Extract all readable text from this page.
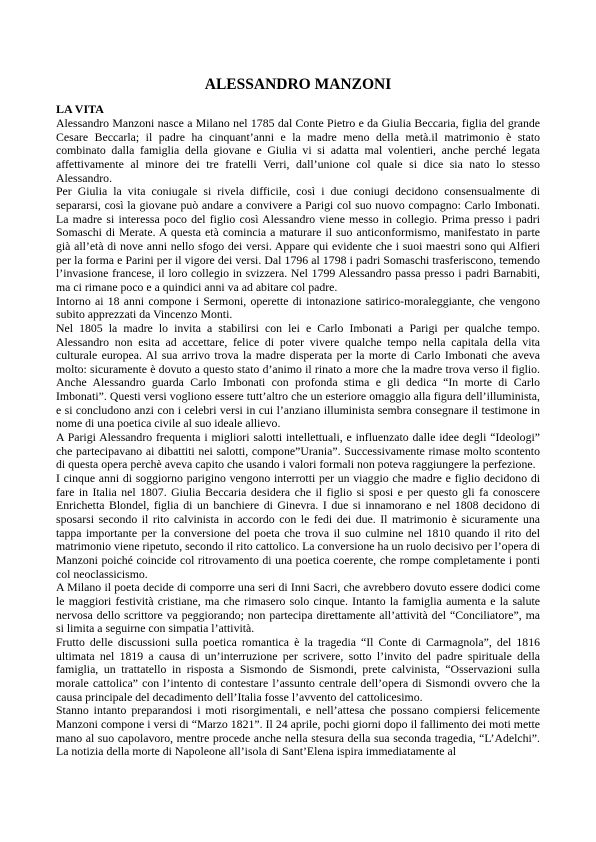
ALESSANDRO MANZONI
LA VITA

Alessandro Manzoni nasce a Milano nel 1785 dal Conte Pietro e da Giulia Beccaria, figlia del grande Cesare Beccarla; il padre ha cinquant’anni e la madre meno della metà.il matrimonio è stato combinato dalla famiglia della giovane e Giulia vi si adatta mal volentieri, anche perché legata affettivamente al minore dei tre fratelli Verri, dall’unione col quale si dice sia nato lo stesso Alessandro.

Per Giulia la vita coniugale si rivela difficile, così i due coniugi decidono consensualmente di separarsi, così la giovane può andare a convivere a Parigi col suo nuovo compagno: Carlo Imbonati. La madre si interessa poco del figlio così Alessandro viene messo in collegio. Prima presso i padri Somaschi di Merate. A questa età comincia a maturare il suo anticonformismo, manifestato in parte già all’età di nove anni nello sfogo dei versi. Appare qui evidente che i suoi maestri sono qui Alfieri per la forma e Parini per il vigore dei versi. Dal 1796 al 1798 i padri Somaschi trasferiscono, temendo l’invasione francese, il loro collegio in svizzera. Nel 1799 Alessandro passa presso i padri Barnabiti, ma ci rimane poco e a quindici anni va ad abitare col padre.

Intorno ai 18 anni compone i Sermoni, operette di intonazione satirico-moraleggiante, che vengono subito apprezzati da Vincenzo Monti.

Nel 1805 la madre lo invita a stabilirsi con lei e Carlo Imbonati a Parigi per qualche tempo. Alessandro non esita ad accettare, felice di poter vivere qualche tempo nella capitala della vita culturale europea. Al sua arrivo trova la madre disperata per la morte di Carlo Imbonati che aveva molto: sicuramente è dovuto a questo stato d’animo il rinato a more che la madre trova verso il figlio. Anche Alessandro guarda Carlo Imbonati con profonda stima e gli dedica “In morte di Carlo Imbonati”. Questi versi vogliono essere tutt’altro che un esteriore omaggio alla figura dell’illuminista, e si concludono anzi con i celebri versi in cui l’anziano illuminista sembra consegnare il testimone in nome di una poetica civile al suo ideale allievo.

A Parigi Alessandro frequenta i migliori salotti intellettuali, e influenzato dalle idee degli “Ideologi” che partecipavano ai dibattiti nei salotti, compone”Urania”. Successivamente rimase molto scontento di questa opera perchè aveva capito che usando i valori formali non poteva raggiungere la perfezione.

I cinque anni di soggiorno parigino vengono interrotti per un viaggio che madre e figlio decidono di fare in Italia nel 1807. Giulia Beccaria desidera che il figlio si sposi e per questo gli fa conoscere Enrichetta Blondel, figlia di un banchiere di Ginevra. I due si innamorano e nel 1808 decidono di sposarsi secondo il rito calvinista in accordo con le fedi dei due. Il matrimonio è sicuramente una tappa importante per la conversione del poeta che trova il suo culmine nel 1810 quando il rito del matrimonio viene ripetuto, secondo il rito cattolico. La conversione ha un ruolo decisivo per l’opera di Manzoni poiché coincide col ritrovamento di una poetica coerente, che rompe completamente i ponti col neoclassicismo.

A Milano il poeta decide di comporre una seri di Inni Sacri, che avrebbero dovuto essere dodici come le maggiori festività cristiane, ma che rimasero solo cinque. Intanto la famiglia aumenta e la salute nervosa dello scrittore va peggiorando; non partecipa direttamente all’attività del “Conciliatore”, ma si limita a seguirne con simpatia l’attività.

Frutto delle discussioni sulla poetica romantica è la tragedia “Il Conte di Carmagnola”, del 1816 ultimata nel 1819 a causa di un’interruzione per scrivere, sotto l’invito del padre spirituale della famiglia, un trattatello in risposta a Sismondo de Sismondi, prete calvinista, “Osservazioni sulla morale cattolica” con l’intento di contestare l’assunto centrale dell’opera di Sismondi ovvero che la causa principale del decadimento dell’Italia fosse l’avvento del cattolicesimo.

Stanno intanto preparandosi i moti risorgimentali, e nell’attesa che possano compiersi felicemente Manzoni compone i versi di “Marzo 1821”. Il 24 aprile, pochi giorni dopo il fallimento dei moti mette mano al suo capolavoro, mentre procede anche nella stesura della sua seconda tragedia, “L’Adelchi”. La notizia della morte di Napoleone all’isola di Sant’Elena ispira immediatamente al
